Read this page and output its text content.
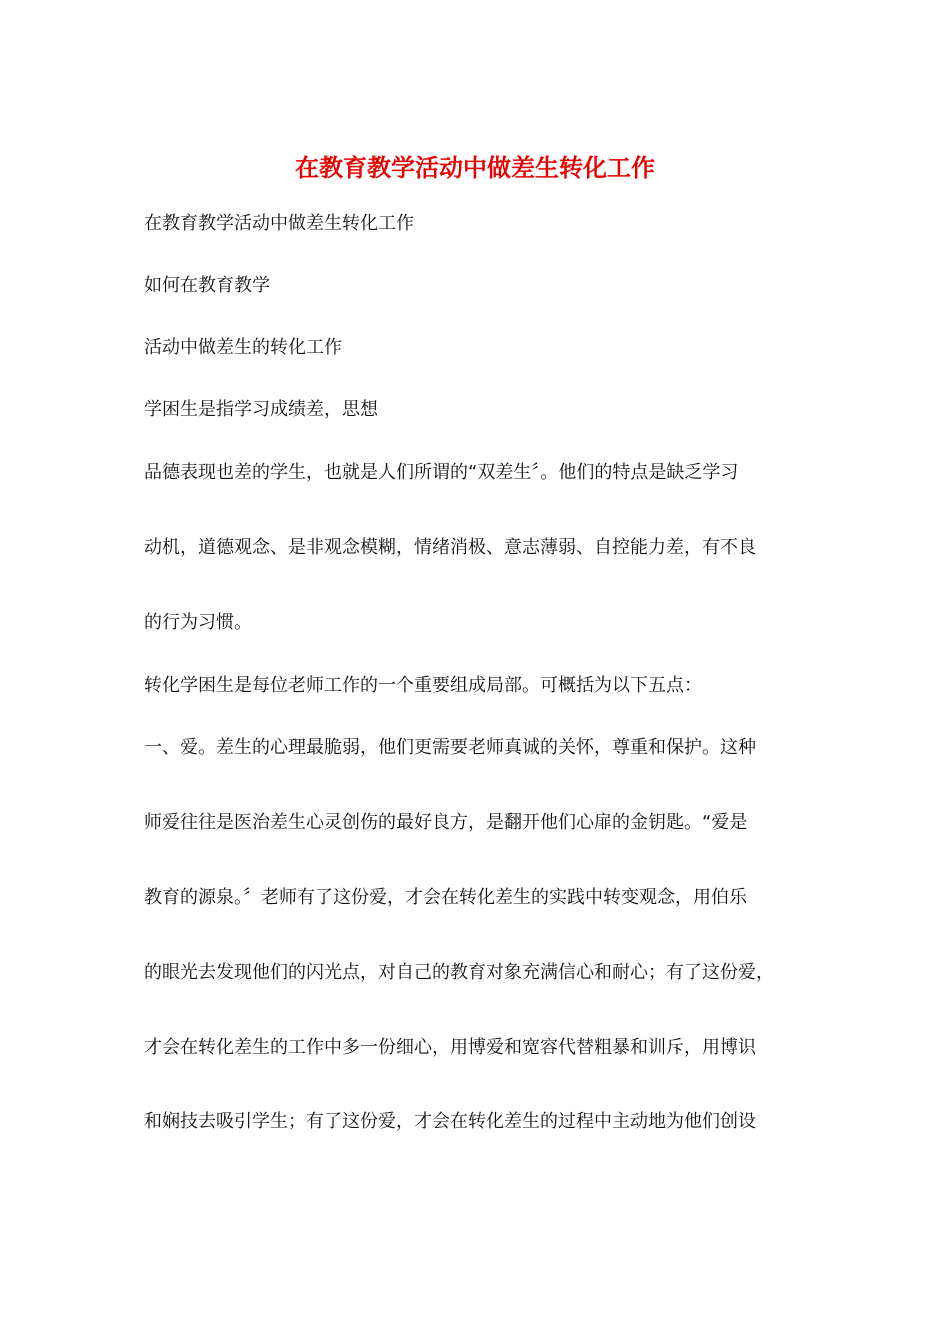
在教育教学活动中做差生转化工作

在教育教学活动中做差生转化工作

如何在教育教学

活动中做差生的转化工作

学困生是指学习成绩差，思想

品德表现也差的学生，也就是人们所谓的“双差生〞。他们的特点是缺乏学习

动机，道德观念、是非观念模糊，情绪消极、意志薄弱、自控能力差，有不良

的行为习惯。

转化学困生是每位老师工作的一个重要组成局部。可概括为以下五点：

一、爱。差生的心理最脆弱，他们更需要老师真诚的关怀，尊重和保护。这种

师爱往往是医治差生心灵创伤的最好良方，是翻开他们心扉的金钥匙。“爱是

教育的源泉。〞老师有了这份爱，才会在转化差生的实践中转变观念，用伯乐

的眼光去发现他们的闪光点，对自己的教育对象充满信心和耐心；有了这份爱，

才会在转化差生的工作中多一份细心，用博爱和宽容代替粗暴和训斥，用博识

和娴技去吸引学生；有了这份爱，才会在转化差生的过程中主动地为他们创设
